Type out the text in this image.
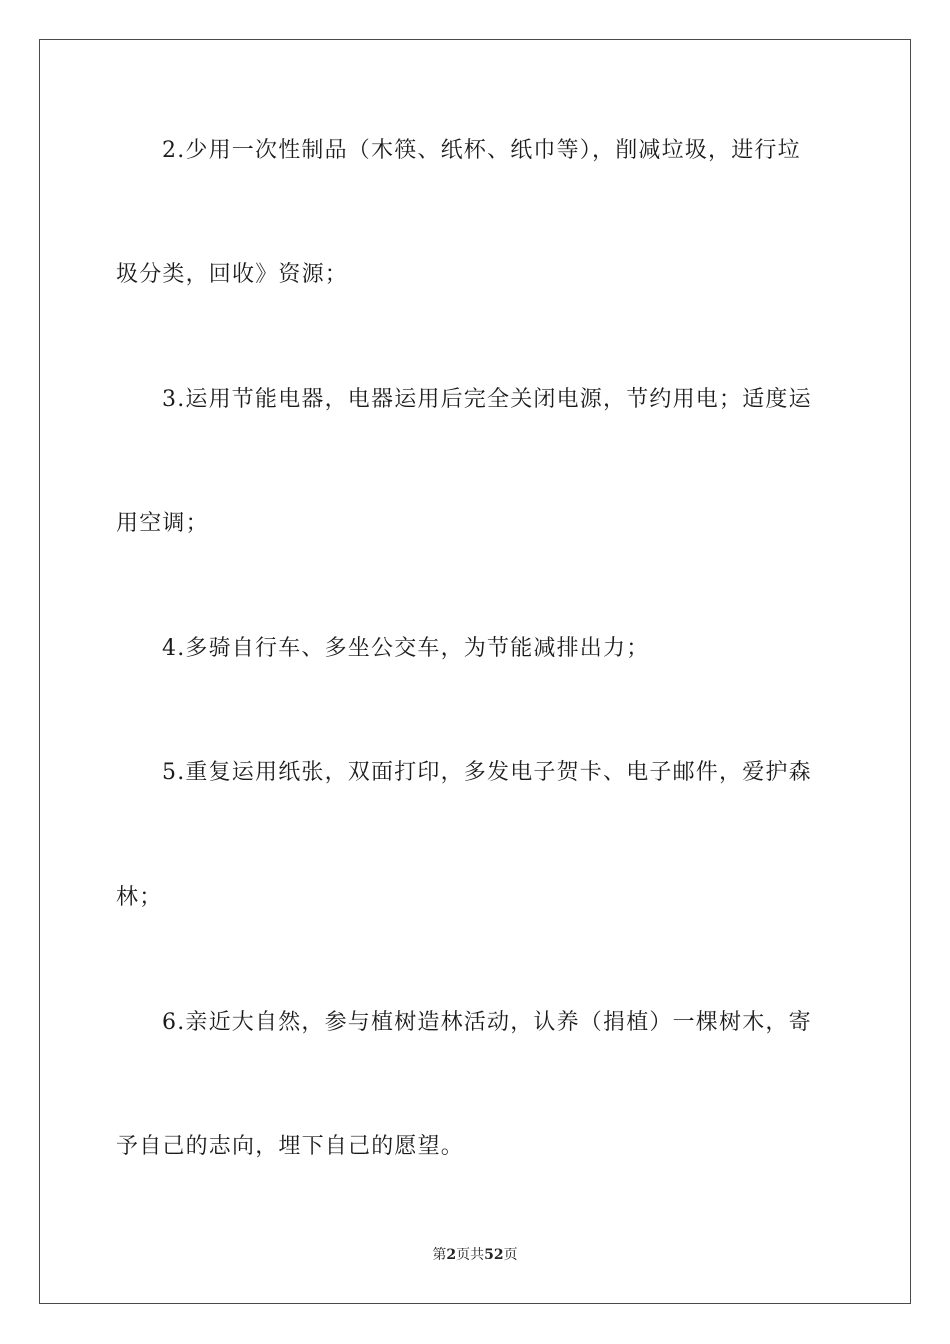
2.少用一次性制品（木筷、纸杯、纸巾等），削减垃圾，进行垃
圾分类，回收》资源；
3.运用节能电器，电器运用后完全关闭电源，节约用电；适度运
用空调；
4.多骑自行车、多坐公交车，为节能减排出力；
5.重复运用纸张，双面打印，多发电子贺卡、电子邮件，爱护森
林；
6.亲近大自然，参与植树造林活动，认养（捐植）一棵树木，寄
予自己的志向，埋下自己的愿望。
第2页共52页
